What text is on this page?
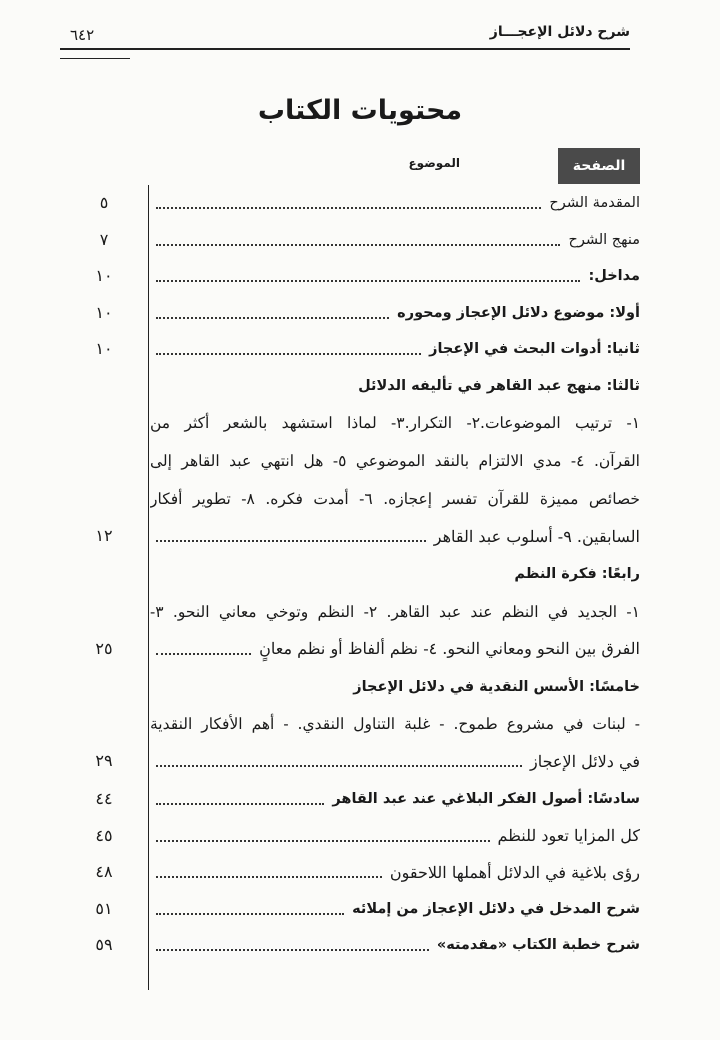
شرح دلائل الإعجـــاز
٦٤٢
محتويات الكتاب
الصفحة
الموضوع
المقدمة الشرح
منهج الشرح
مداخل:
أولا: موضوع دلائل الإعجاز ومحوره
ثانيا: أدوات البحث في الإعجاز
ثالثا: منهج عبد القاهر في تأليفه الدلائل
١- ترتيب الموضوعات.٢- التكرار.٣- لماذا استشهد بالشعر أكثر من
القرآن. ٤- مدي الالتزام بالنقد الموضوعي ٥- هل انتهي عبد القاهر إلى
خصائص مميزة للقرآن تفسر إعجازه. ٦- أمدت فكره. ٨- تطوير أفكار
السابقين. ٩- أسلوب عبد القاهر
رابعًا: فكرة النظم
١- الجديد في النظم عند عبد القاهر. ٢- النظم وتوخي معاني النحو. ٣-
الفرق بين النحو ومعاني النحو. ٤- نظم ألفاظ أو نظم معانٍ
خامسًا: الأسس النقدية في دلائل الإعجاز
- لبنات في مشروع طموح. - غلبة التناول النقدي. - أهم الأفكار النقدية
في دلائل الإعجاز
سادسًا: أصول الفكر البلاغي عند عبد القاهر
كل المزايا تعود للنظم
رؤى بلاغية في الدلائل أهملها اللاحقون
شرح المدخل في دلائل الإعجاز من إملائه
شرح خطبة الكتاب «مقدمته»
٥
٧
١٠
١٠
١٠
١٢
٢٥
٢٩
٤٤
٤٥
٤٨
٥١
٥٩
